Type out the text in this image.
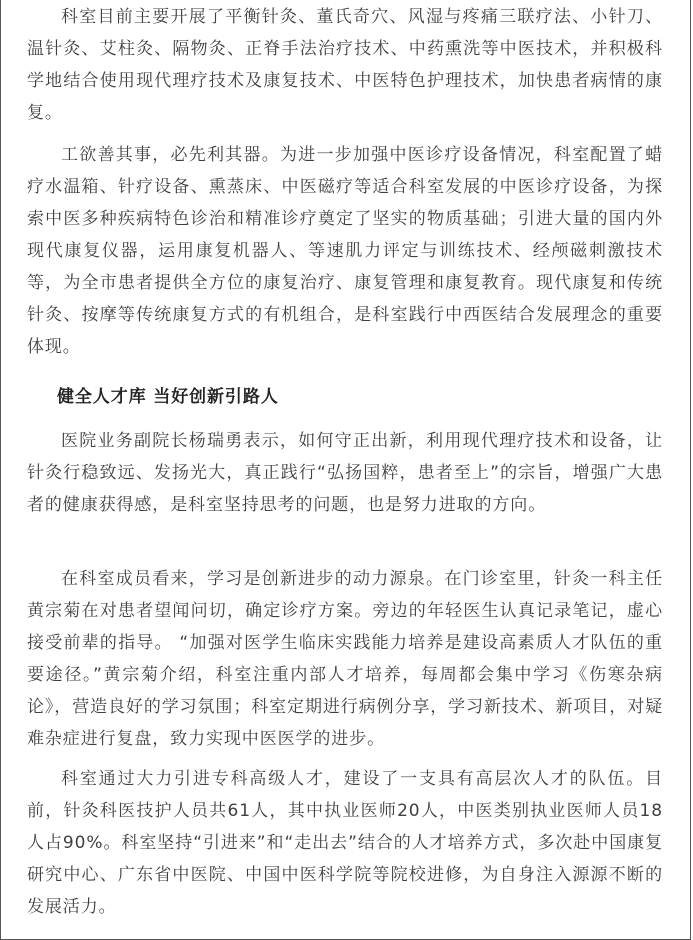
科室目前主要开展了平衡针灸、董氏奇穴、风湿与疼痛三联疗法、小针刀、温针灸、艾柱灸、隔物灸、正脊手法治疗技术、中药熏洗等中医技术，并积极科学地结合使用现代理疗技术及康复技术、中医特色护理技术，加快患者病情的康复。

工欲善其事，必先利其器。为进一步加强中医诊疗设备情况，科室配置了蜡疗水温箱、针疗设备、熏蒸床、中医磁疗等适合科室发展的中医诊疗设备，为探索中医多种疾病特色诊治和精准诊疗奠定了坚实的物质基础；引进大量的国内外现代康复仪器，运用康复机器人、等速肌力评定与训练技术、经颅磁刺激技术等，为全市患者提供全方位的康复治疗、康复管理和康复教育。现代康复和传统针灸、按摩等传统康复方式的有机组合，是科室践行中西医结合发展理念的重要体现。

健全人才库 当好创新引路人

医院业务副院长杨瑞勇表示，如何守正出新，利用现代理疗技术和设备，让针灸行稳致远、发扬光大，真正践行“弘扬国粹，患者至上”的宗旨，增强广大患者的健康获得感，是科室坚持思考的问题，也是努力进取的方向。

在科室成员看来，学习是创新进步的动力源泉。在门诊室里，针灸一科主任黄宗菊在对患者望闻问切，确定诊疗方案。旁边的年轻医生认真记录笔记，虚心接受前辈的指导。 “加强对医学生临床实践能力培养是建设高素质人才队伍的重要途径。”黄宗菊介绍，科室注重内部人才培养，每周都会集中学习《伤寒杂病论》，营造良好的学习氛围；科室定期进行病例分享，学习新技术、新项目，对疑难杂症进行复盘，致力实现中医医学的进步。

科室通过大力引进专科高级人才，建设了一支具有高层次人才的队伍。目前，针灸科医技护人员共61人，其中执业医师20人，中医类别执业医师人员18人占90%。科室坚持“引进来”和“走出去”结合的人才培养方式，多次赴中国康复研究中心、广东省中医院、中国中医科学院等院校进修，为自身注入源源不断的发展活力。
